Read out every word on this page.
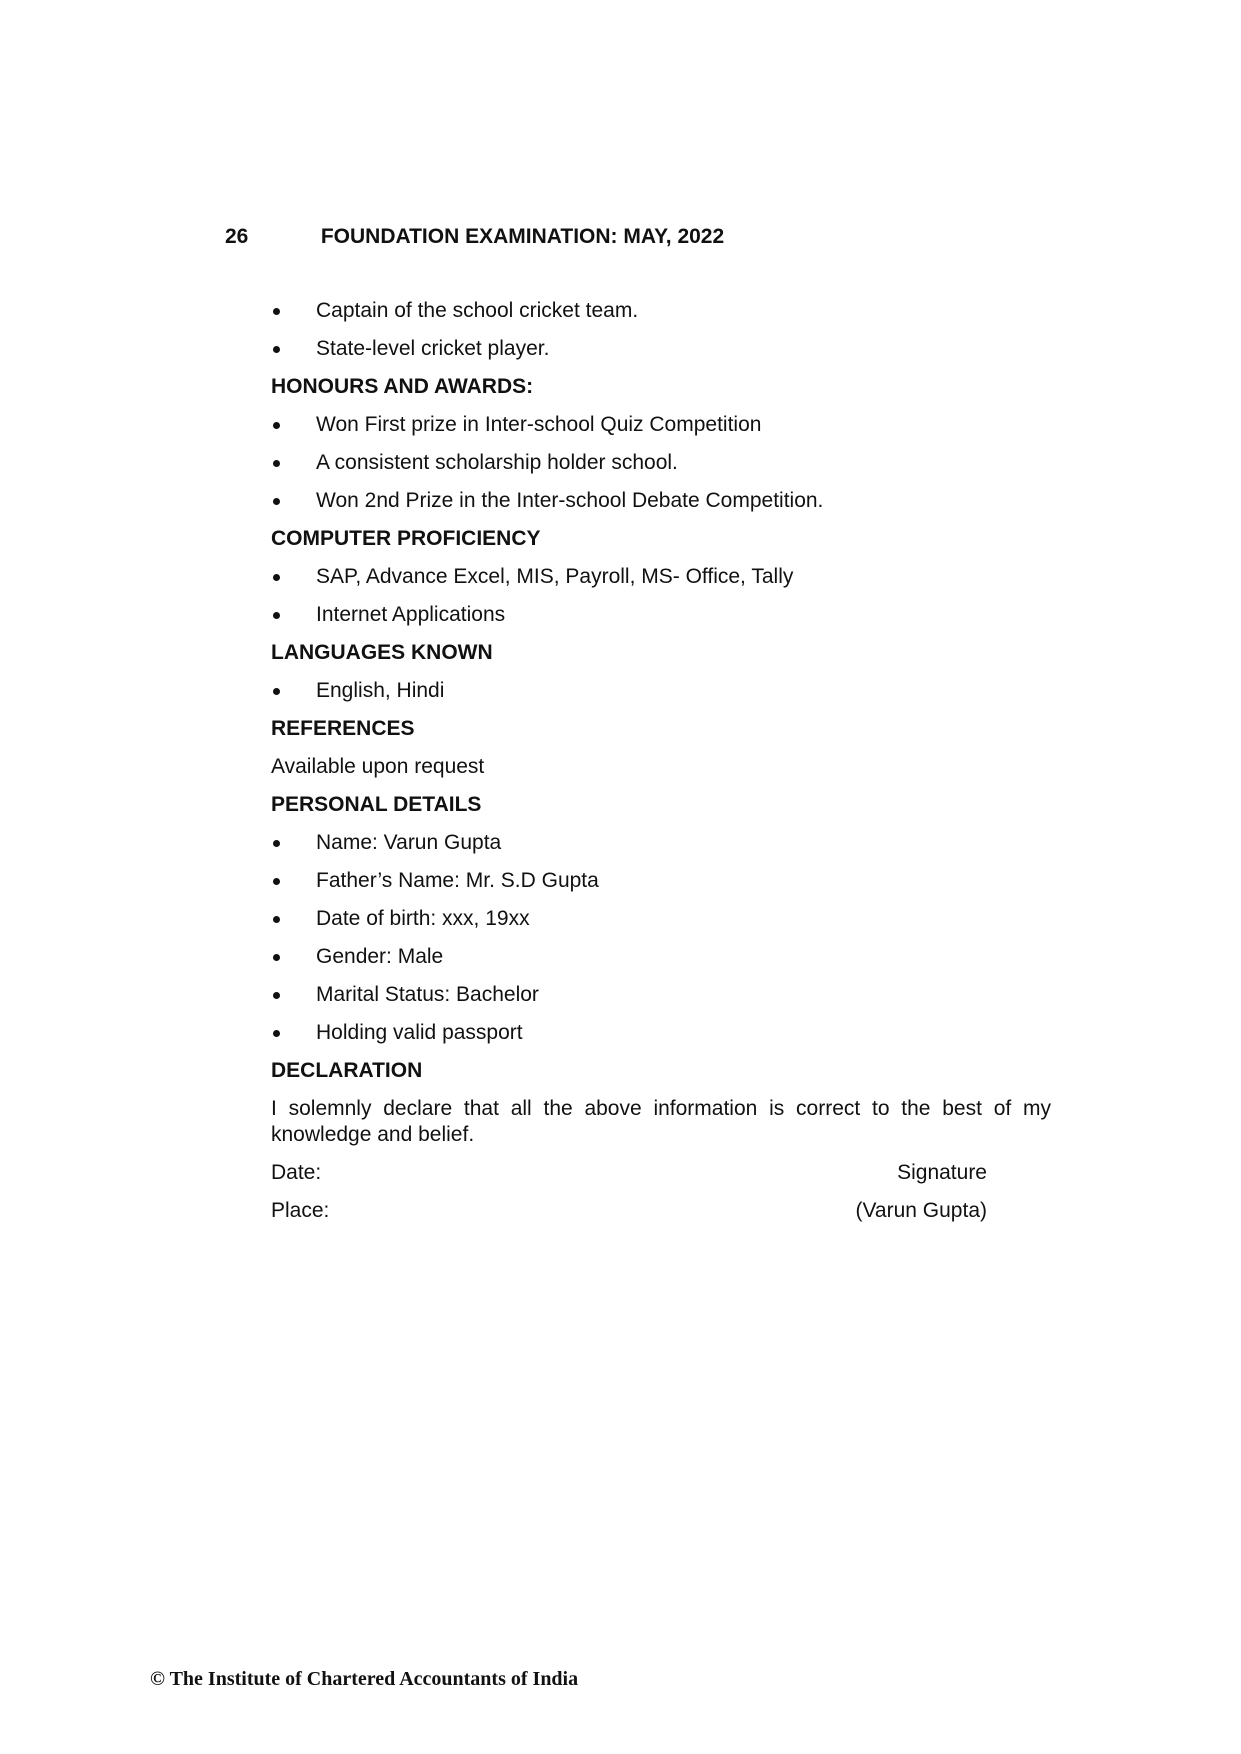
26	FOUNDATION EXAMINATION: MAY, 2022
Captain of the school cricket team.
State-level cricket player.
HONOURS AND AWARDS:
Won First prize in Inter-school Quiz Competition
A consistent scholarship holder school.
Won 2nd Prize in the Inter-school Debate Competition.
COMPUTER PROFICIENCY
SAP, Advance Excel, MIS, Payroll, MS- Office, Tally
Internet Applications
LANGUAGES KNOWN
English, Hindi
REFERENCES

Available upon request

PERSONAL DETAILS
Name: Varun Gupta
Father’s Name: Mr. S.D Gupta
Date of birth: xxx, 19xx
Gender: Male
Marital Status: Bachelor
Holding valid passport
DECLARATION

I solemnly declare that all the above information is correct to the best of my knowledge and belief.

Date:	Signature
Place:	(Varun Gupta)
© The Institute of Chartered Accountants of India
